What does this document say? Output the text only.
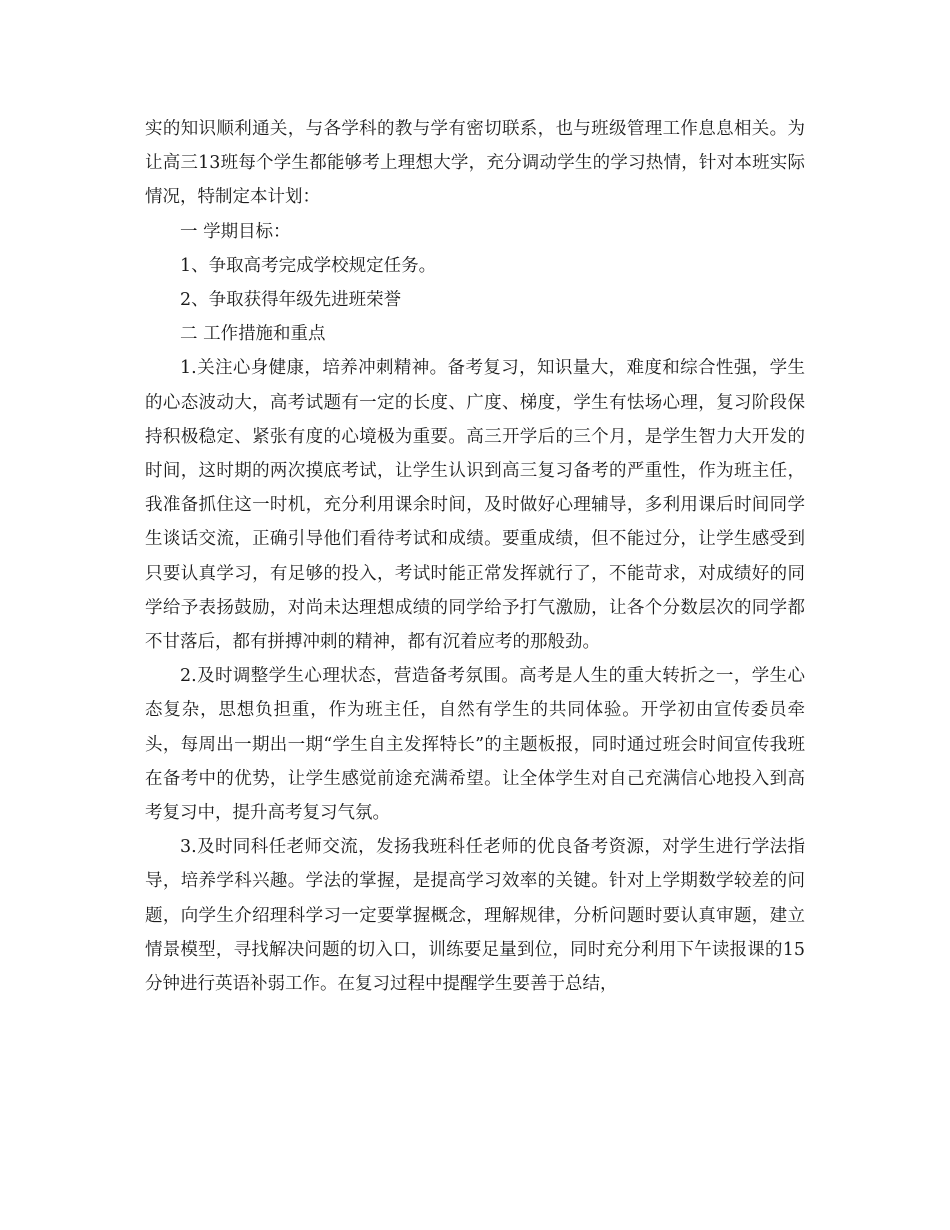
实的知识顺利通关，与各学科的教与学有密切联系，也与班级管理工作息息相关。为让高三13班每个学生都能够考上理想大学，充分调动学生的学习热情，针对本班实际情况，特制定本计划：

一 学期目标：

1、争取高考完成学校规定任务。

2、争取获得年级先进班荣誉

二 工作措施和重点

1.关注心身健康，培养冲刺精神。备考复习，知识量大，难度和综合性强，学生的心态波动大，高考试题有一定的长度、广度、梯度，学生有怯场心理，复习阶段保持积极稳定、紧张有度的心境极为重要。高三开学后的三个月，是学生智力大开发的时间，这时期的两次摸底考试，让学生认识到高三复习备考的严重性，作为班主任，我准备抓住这一时机，充分利用课余时间，及时做好心理辅导，多利用课后时间同学生谈话交流，正确引导他们看待考试和成绩。要重成绩，但不能过分，让学生感受到只要认真学习，有足够的投入，考试时能正常发挥就行了，不能苛求，对成绩好的同学给予表扬鼓励，对尚未达理想成绩的同学给予打气激励，让各个分数层次的同学都不甘落后，都有拼搏冲刺的精神，都有沉着应考的那般劲。

2.及时调整学生心理状态，营造备考氛围。高考是人生的重大转折之一，学生心态复杂，思想负担重，作为班主任，自然有学生的共同体验。开学初由宣传委员牵头，每周出一期出一期“学生自主发挥特长”的主题板报，同时通过班会时间宣传我班在备考中的优势，让学生感觉前途充满希望。让全体学生对自己充满信心地投入到高考复习中，提升高考复习气氛。

3.及时同科任老师交流，发扬我班科任老师的优良备考资源，对学生进行学法指导，培养学科兴趣。学法的掌握，是提高学习效率的关键。针对上学期数学较差的问题，向学生介绍理科学习一定要掌握概念，理解规律，分析问题时要认真审题，建立情景模型，寻找解决问题的切入口，训练要足量到位，同时充分利用下午读报课的15分钟进行英语补弱工作。在复习过程中提醒学生要善于总结，
